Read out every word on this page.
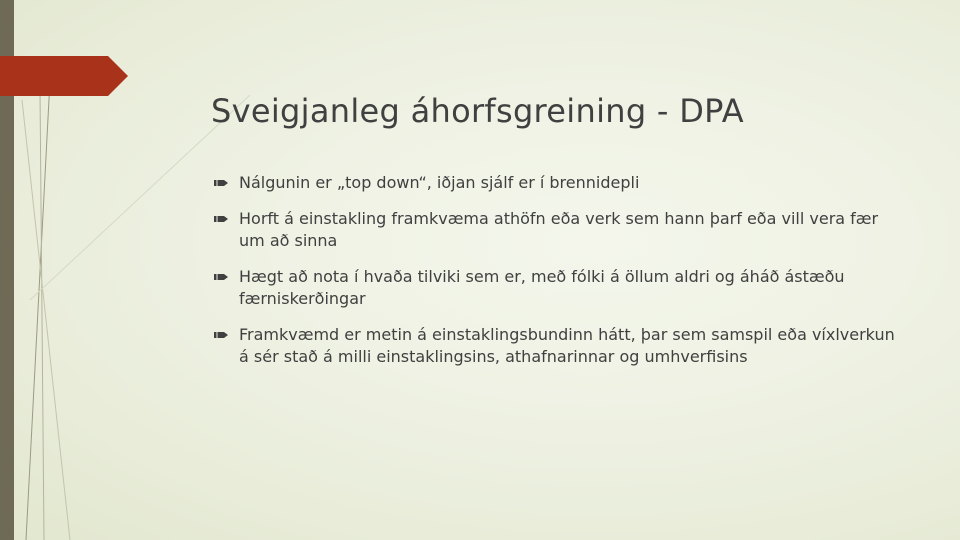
Sveigjanleg áhorfsgreining - DPA
Nálgunin er „top down“, iðjan sjálf er í brennidepli
Horft á einstakling framkvæma athöfn eða verk sem hann þarf eða vill vera fær um að sinna
Hægt að nota í hvaða tilviki sem er, með fólki á öllum aldri og áháð ástæðu færniskerðingar
Framkvæmd er metin á einstaklingsbundinn hátt, þar sem samspil eða víxlverkun á sér stað á milli einstaklingsins, athafnarinnar og umhverfisins
